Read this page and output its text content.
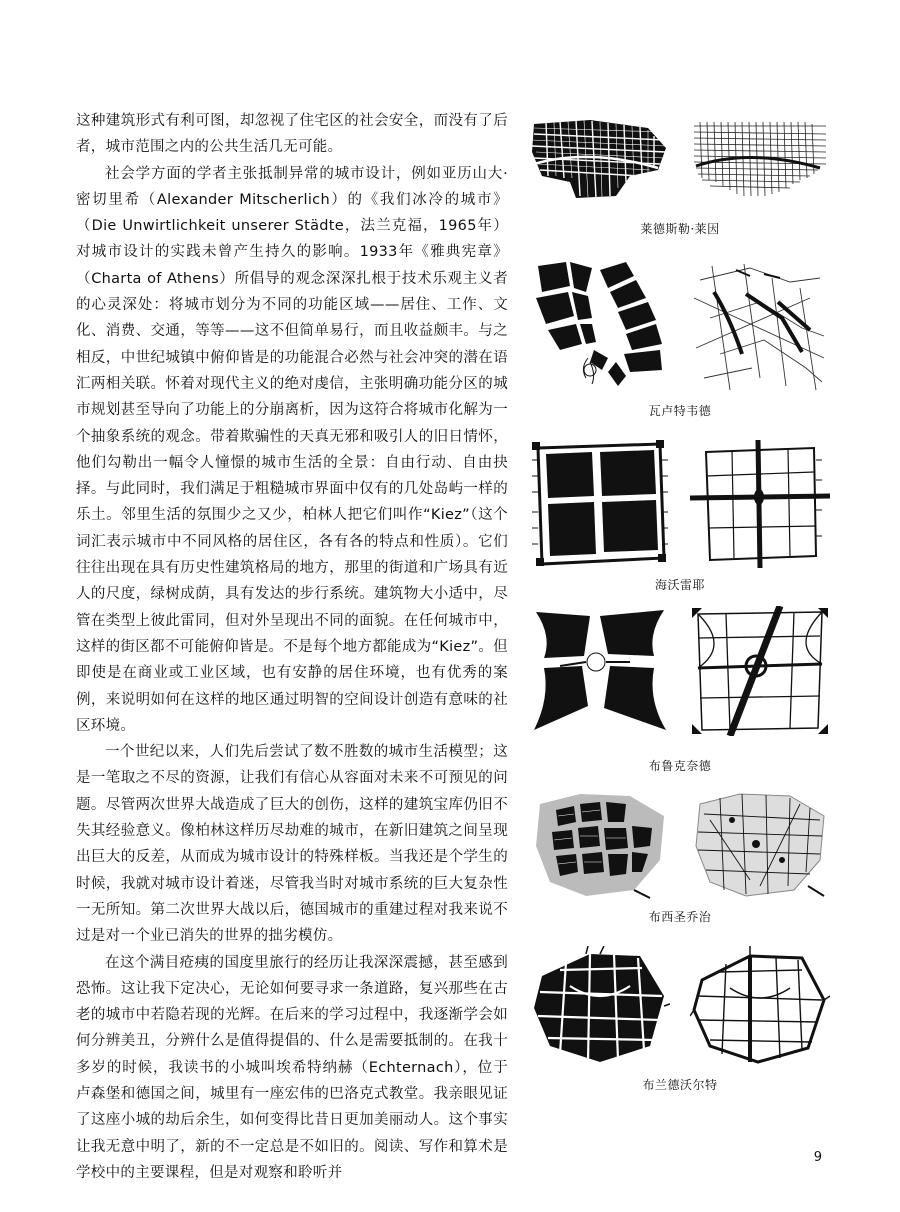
这种建筑形式有利可图，却忽视了住宅区的社会安全，而没有了后者，城市范围之内的公共生活几无可能。

社会学方面的学者主张抵制异常的城市设计，例如亚历山大·密切里希（Alexander Mitscherlich）的《我们冰冷的城市》（Die Unwirtlichkeit unserer Städte，法兰克福，1965年）对城市设计的实践未曾产生持久的影响。1933年《雅典宪章》（Charta of Athens）所倡导的观念深深扎根于技术乐观主义者的心灵深处：将城市划分为不同的功能区域——居住、工作、文化、消费、交通，等等——这不但简单易行，而且收益颇丰。与之相反，中世纪城镇中俯仰皆是的功能混合必然与社会冲突的潜在语汇两相关联。怀着对现代主义的绝对虔信，主张明确功能分区的城市规划甚至导向了功能上的分崩离析，因为这符合将城市化解为一个抽象系统的观念。带着欺骗性的天真无邪和吸引人的旧日情怀，他们勾勒出一幅令人憧憬的城市生活的全景：自由行动、自由抉择。与此同时，我们满足于粗糙城市界面中仅有的几处岛屿一样的乐土。邻里生活的氛围少之又少，柏林人把它们叫作“Kiez”（这个词汇表示城市中不同风格的居住区，各有各的特点和性质）。它们往往出现在具有历史性建筑格局的地方，那里的街道和广场具有近人的尺度，绿树成荫，具有发达的步行系统。建筑物大小适中，尽管在类型上彼此雷同，但对外呈现出不同的面貌。在任何城市中，这样的街区都不可能俯仰皆是。不是每个地方都能成为“Kiez”。但即使是在商业或工业区域，也有安静的居住环境，也有优秀的案例，来说明如何在这样的地区通过明智的空间设计创造有意味的社区环境。

一个世纪以来，人们先后尝试了数不胜数的城市生活模型；这是一笔取之不尽的资源，让我们有信心从容面对未来不可预见的问题。尽管两次世界大战造成了巨大的创伤，这样的建筑宝库仍旧不失其经验意义。像柏林这样历尽劫难的城市，在新旧建筑之间呈现出巨大的反差，从而成为城市设计的特殊样板。当我还是个学生的时候，我就对城市设计着迷，尽管我当时对城市系统的巨大复杂性一无所知。第二次世界大战以后，德国城市的重建过程对我来说不过是对一个业已消失的世界的拙劣模仿。

在这个满目疮痍的国度里旅行的经历让我深深震撼，甚至感到恐怖。这让我下定决心，无论如何要寻求一条道路，复兴那些在古老的城市中若隐若现的光辉。在后来的学习过程中，我逐渐学会如何分辨美丑，分辨什么是值得提倡的、什么是需要抵制的。在我十多岁的时候，我读书的小城叫埃希特纳赫（Echternach），位于卢森堡和德国之间，城里有一座宏伟的巴洛克式教堂。我亲眼见证了这座小城的劫后余生，如何变得比昔日更加美丽动人。这个事实让我无意中明了，新的不一定总是不如旧的。阅读、写作和算术是学校中的主要课程，但是对观察和聆听并

莱德斯勒·莱因
瓦卢特韦德
海沃雷耶
布鲁克奈德
布西圣乔治
布兰德沃尔特
9
